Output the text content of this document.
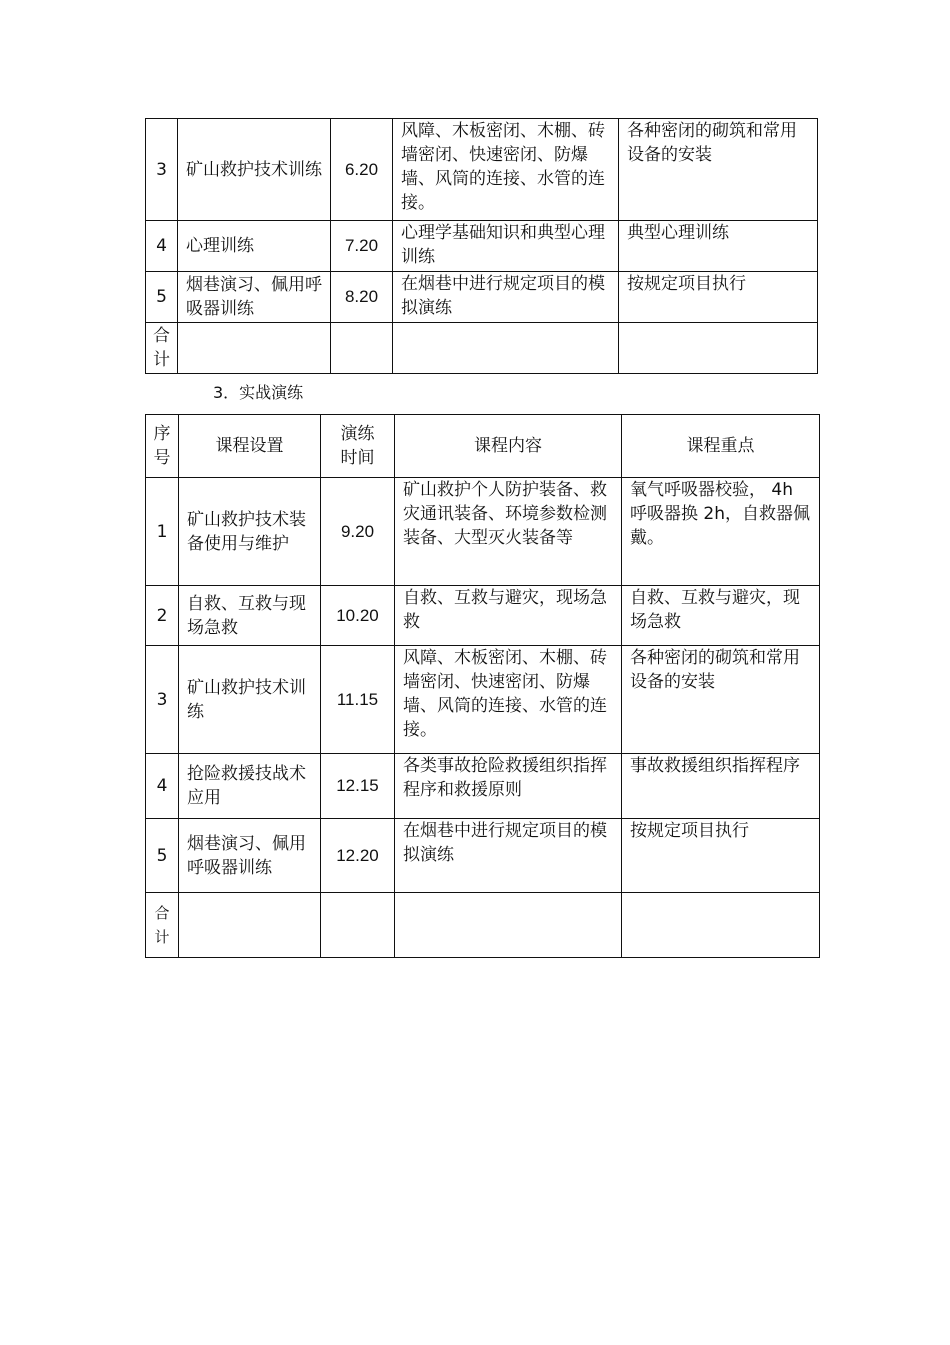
3	矿山救护技术训练	6.20	风障、木板密闭、木棚、砖墙密闭、快速密闭、防爆墙、风筒的连接、水管的连接。	各种密闭的砌筑和常用设备的安装

4	心理训练	7.20	心理学基础知识和典型心理训练	典型心理训练

5	烟巷演习、佩用呼吸器训练	8.20	在烟巷中进行规定项目的模拟演练	按规定项目执行

合计				

3．实战演练
序号	课程设置	演练时间	课程内容	课程重点
1	矿山救护技术装备使用与维护	9.20	矿山救护个人防护装备、救灾通讯装备、环境参数检测装备、大型灭火装备等	氧气呼吸器校验， 4h 呼吸器换 2h，自救器佩戴。

2	自救、互救与现场急救	10.20	自救、互救与避灾，现场急救	自救、互救与避灾，现场急救

3	矿山救护技术训练	11.15	风障、木板密闭、木棚、砖墙密闭、快速密闭、防爆墙、风筒的连接、水管的连接。	各种密闭的砌筑和常用设备的安装

4	抢险救援技战术应用	12.15	各类事故抢险救援组织指挥程序和救援原则	事故救援组织指挥程序

5	烟巷演习、佩用呼吸器训练	12.20	在烟巷中进行规定项目的模拟演练	按规定项目执行

合计				
